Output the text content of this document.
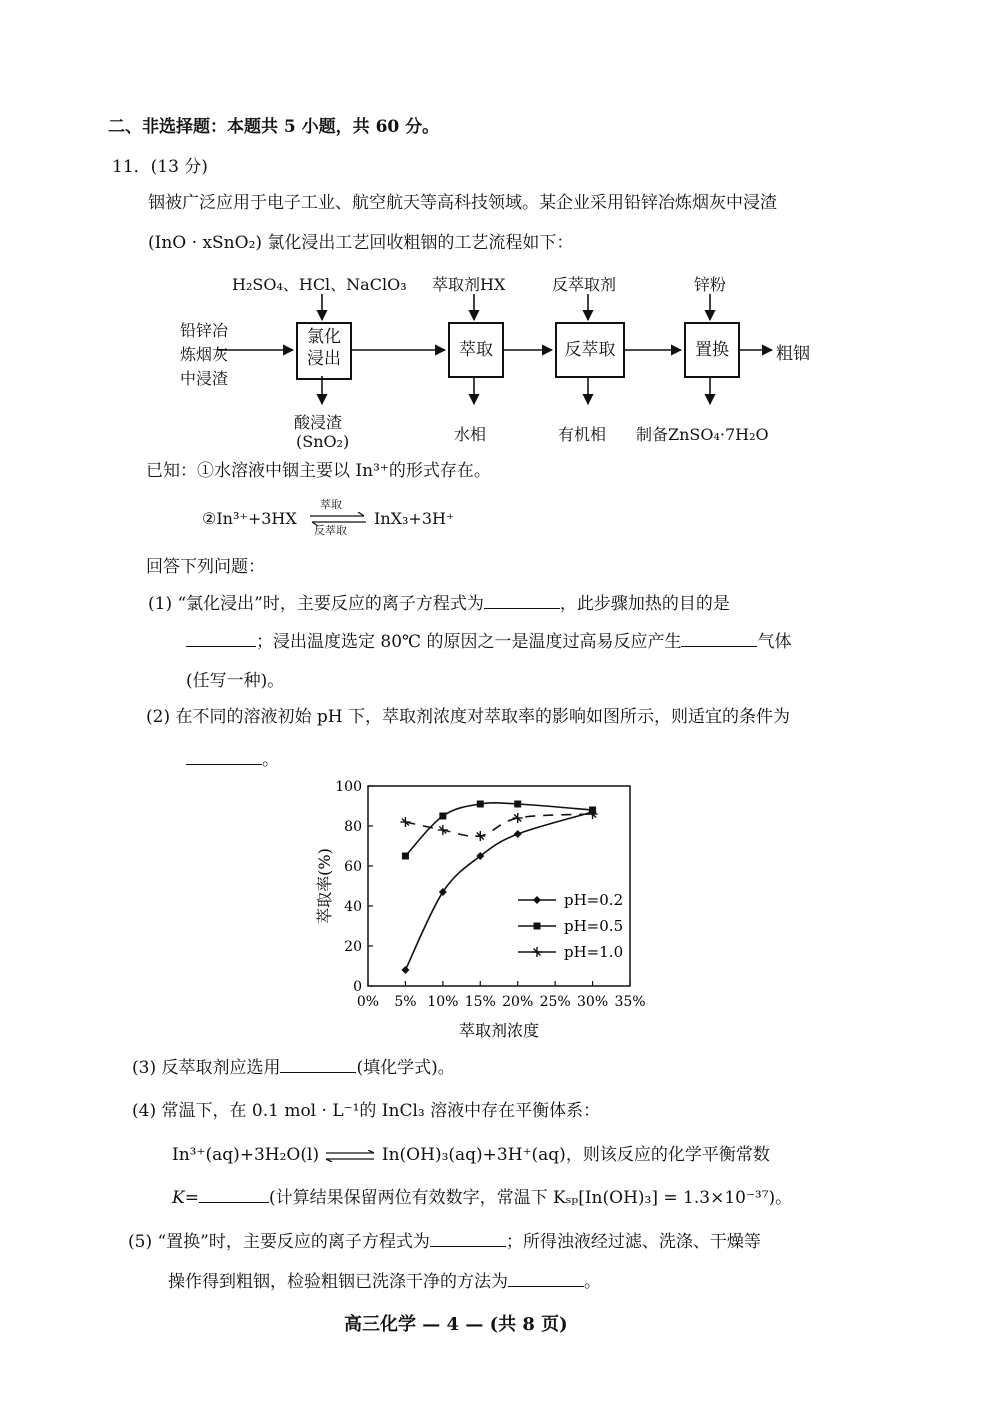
二、非选择题：本题共 5 小题，共 60 分。
11．(13 分)
铟被广泛应用于电子工业、航空航天等高科技领域。某企业采用铅锌冶炼烟灰中浸渣
(InO · xSnO₂) 氯化浸出工艺回收粗铟的工艺流程如下：
H₂SO₄、HCl、NaClO₃ 萃取剂HX	反萃取剂	锌粉
铅锌冶
炼烟灰
中浸渣
氯化
浸出	萃取	反萃取	置换	粗铟
酸浸渣
(SnO₂)	水相	有机相 制备ZnSO₄·7H₂O
已知：①水溶液中铟主要以 In³⁺的形式存在。
②In³⁺+3HX
萃取
反萃取
⇌ InX₃+3H⁺
回答下列问题：
(1) “氯化浸出”时，主要反应的离子方程式为	，此步骤加热的目的是
；浸出温度选定 80℃ 的原因之一是温度过高易反应产生	气体
(任写一种)。
(2) 在不同的溶液初始 pH 下，萃取剂浓度对萃取率的影响如图所示，则适宜的条件为
。
0
20
40
60
80
100
0% 5% 10% 15% 20% 25% 30% 35%
pH=0.2
pH=0.5
pH=1.0
萃取率(%)
萃取剂浓度
(3) 反萃取剂应选用	(填化学式)。
(4) 常温下，在 0.1 mol · L⁻¹的 InCl₃ 溶液中存在平衡体系：
In³⁺(aq)+3H₂O(l)	In(OH)₃(aq)+3H⁺(aq)，则该反应的化学平衡常数
K=	(计算结果保留两位有效数字，常温下 Kₛₚ[In(OH)₃] = 1.3×10⁻³⁷)。
(5) “置换”时，主要反应的离子方程式为	；所得浊液经过滤、洗涤、干燥等
操作得到粗铟，检验粗铟已洗涤干净的方法为	。
高三化学 — 4 — (共 8 页)
